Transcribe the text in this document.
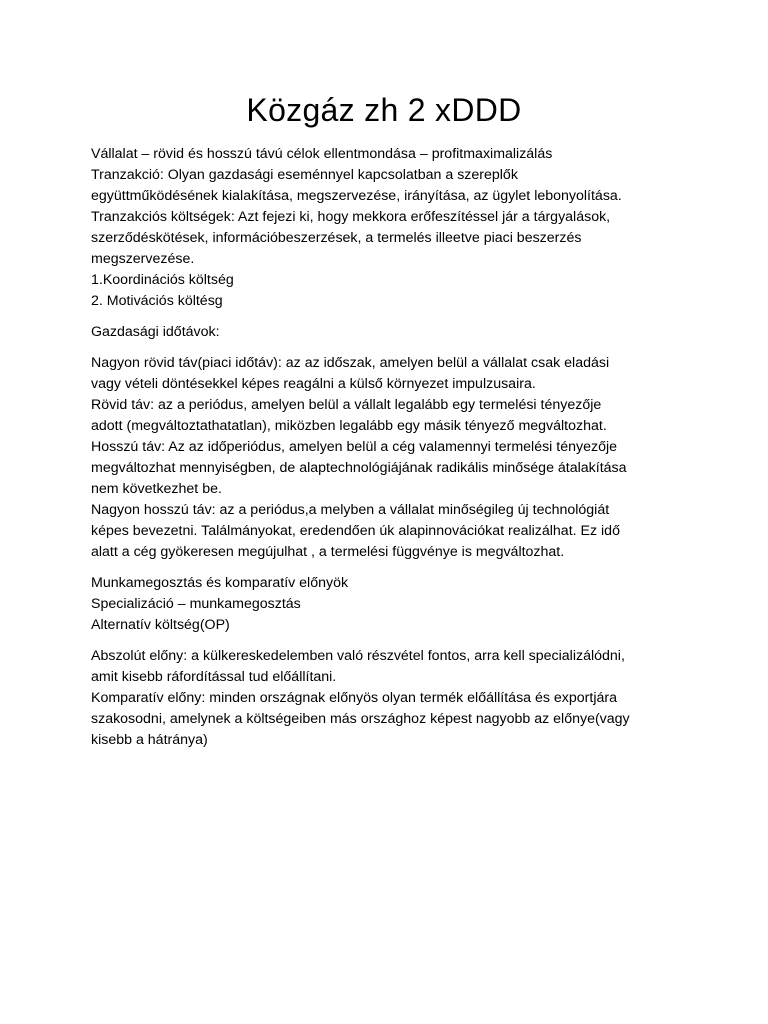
Közgáz zh 2 xDDD

Vállalat – rövid és hosszú távú célok ellentmondása – profitmaximalizálás
Tranzakció: Olyan gazdasági eseménnyel kapcsolatban a szereplők
együttműködésének kialakítása, megszervezése, irányítása, az ügylet lebonyolítása.
Tranzakciós költségek: Azt fejezi ki, hogy mekkora erőfeszítéssel jár a tárgyalások,
szerződéskötések, információbeszerzések, a termelés illeetve piaci beszerzés
megszervezése.
1.Koordinációs költség
2. Motivációs költésg

Gazdasági időtávok:

Nagyon rövid táv(piaci időtáv): az az időszak, amelyen belül a vállalat csak eladási
vagy vételi döntésekkel képes reagálni a külső környezet impulzusaira.
Rövid táv: az a periódus, amelyen belül a vállalt legalább egy termelési tényezője
adott (megváltoztathatatlan), miközben legalább egy másik tényező megváltozhat.
Hosszú táv: Az az időperiódus, amelyen belül a cég valamennyi termelési tényezője
megváltozhat mennyiségben, de alaptechnológiájának radikális minősége átalakítása
nem következhet be.
Nagyon hosszú táv: az a periódus,a melyben a vállalat minőségileg új technológiát
képes bevezetni. Találmányokat, eredendően úk alapinnovációkat realizálhat. Ez idő
alatt a cég gyökeresen megújulhat , a termelési függvénye is megváltozhat.

Munkamegosztás és komparatív előnyök
Specializáció – munkamegosztás
Alternatív költség(OP)

Abszolút előny: a külkereskedelemben való részvétel fontos, arra kell specializálódni,
amit kisebb ráfordítással tud előállítani.
Komparatív előny: minden országnak előnyös olyan termék előállítása és exportjára
szakosodni, amelynek a költségeiben más országhoz képest nagyobb az előnye(vagy
kisebb a hátránya)
